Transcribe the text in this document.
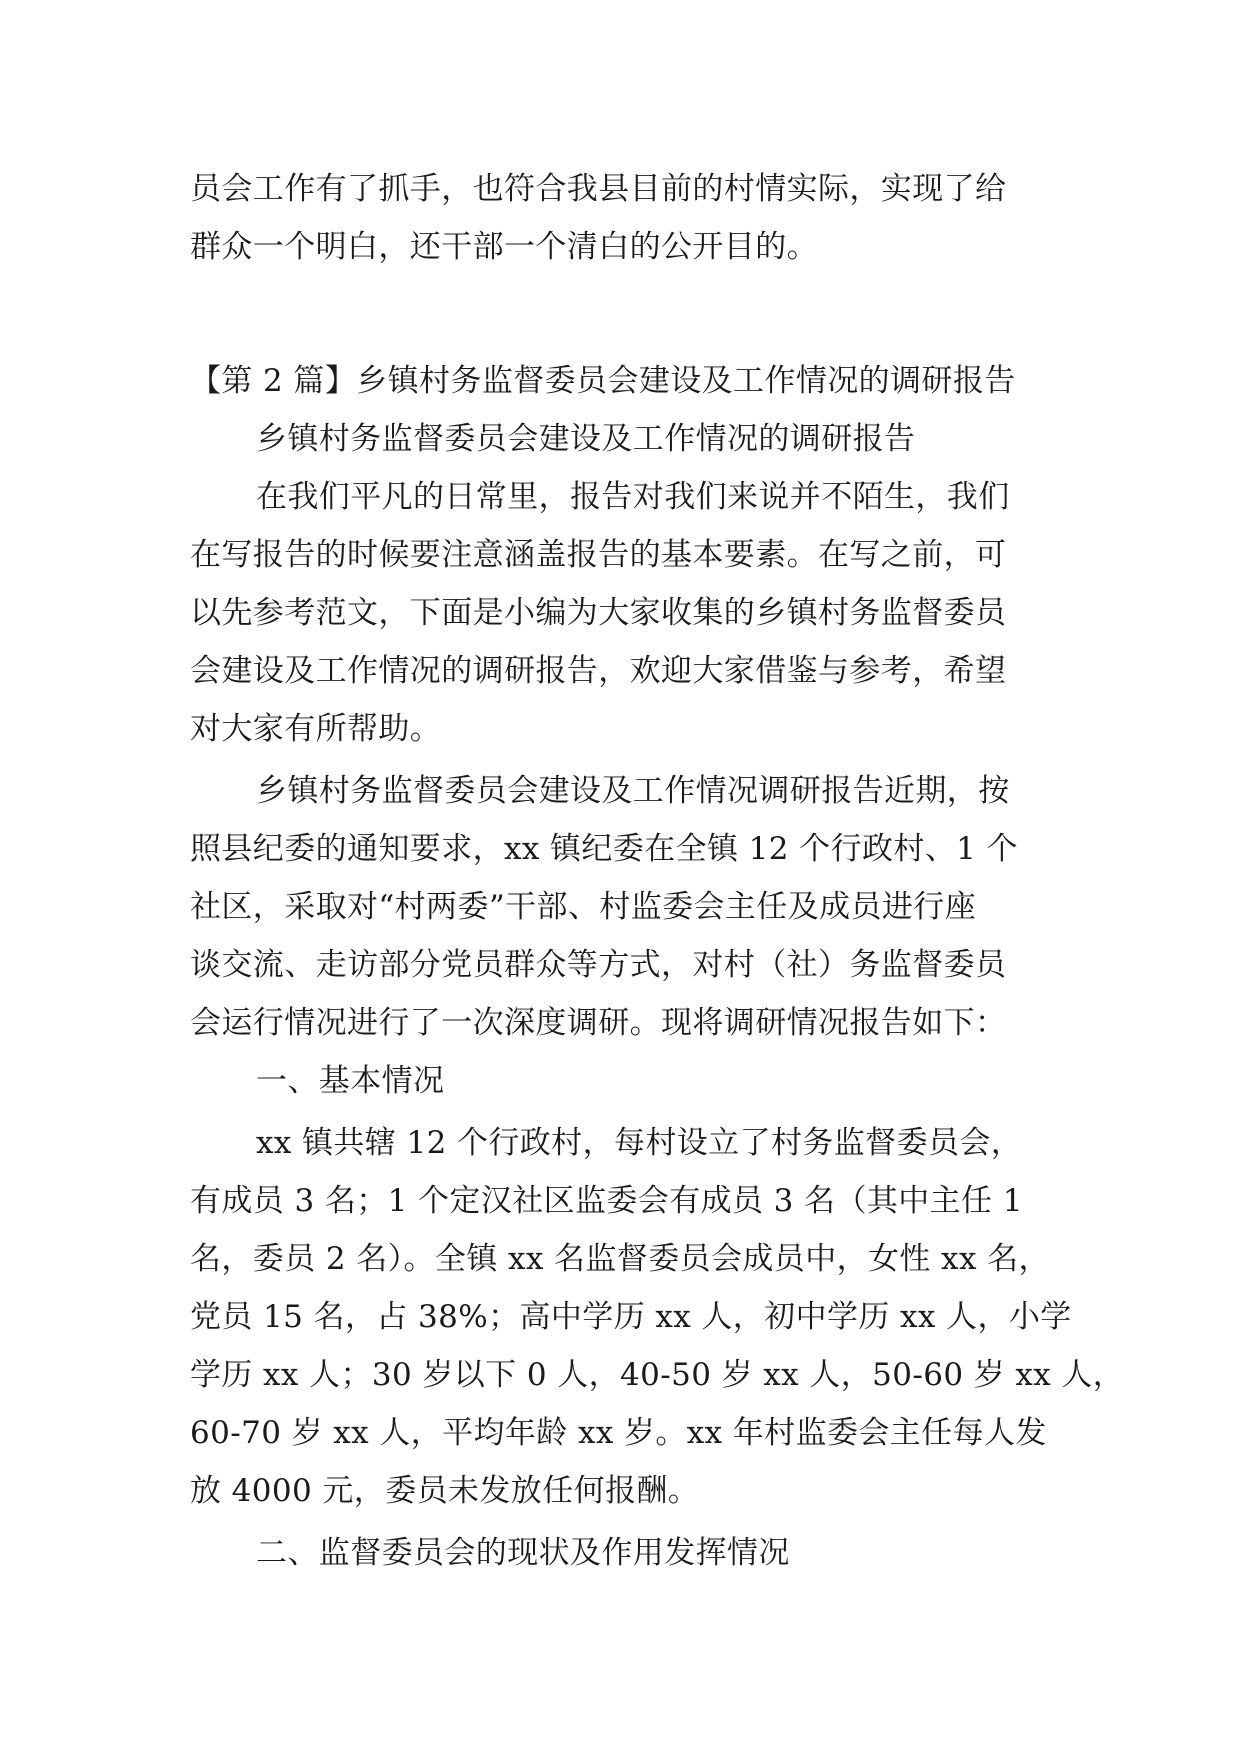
员会工作有了抓手，也符合我县目前的村情实际，实现了给
群众一个明白，还干部一个清白的公开目的。
【第 2 篇】乡镇村务监督委员会建设及工作情况的调研报告
乡镇村务监督委员会建设及工作情况的调研报告
在我们平凡的日常里，报告对我们来说并不陌生，我们
在写报告的时候要注意涵盖报告的基本要素。在写之前，可
以先参考范文，下面是小编为大家收集的乡镇村务监督委员
会建设及工作情况的调研报告，欢迎大家借鉴与参考，希望
对大家有所帮助。
乡镇村务监督委员会建设及工作情况调研报告近期，按
照县纪委的通知要求，xx 镇纪委在全镇 12 个行政村、1 个
社区，采取对“村两委”干部、村监委会主任及成员进行座
谈交流、走访部分党员群众等方式，对村（社）务监督委员
会运行情况进行了一次深度调研。现将调研情况报告如下：
一、基本情况
xx 镇共辖 12 个行政村，每村设立了村务监督委员会，
有成员 3 名；1 个定汉社区监委会有成员 3 名（其中主任 1
名，委员 2 名）。全镇 xx 名监督委员会成员中，女性 xx 名，
党员 15 名，占 38%；高中学历 xx 人，初中学历 xx 人，小学
学历 xx 人；30 岁以下 0 人，40-50 岁 xx 人，50-60 岁 xx 人，
60-70 岁 xx 人，平均年龄 xx 岁。xx 年村监委会主任每人发
放 4000 元，委员未发放任何报酬。
二、监督委员会的现状及作用发挥情况
